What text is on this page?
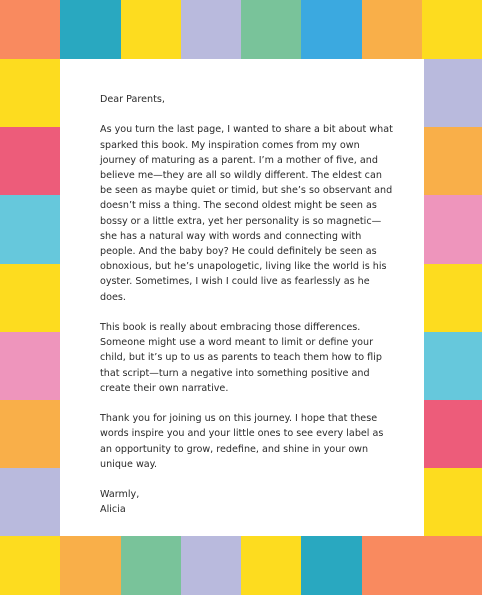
Dear Parents,

As you turn the last page, I wanted to share a bit about what sparked this book. My inspiration comes from my own journey of maturing as a parent. I’m a mother of five, and believe me—they are all so wildly different. The eldest can be seen as maybe quiet or timid, but she’s so observant and doesn’t miss a thing. The second oldest might be seen as bossy or a little extra, yet her personality is so magnetic—she has a natural way with words and connecting with people. And the baby boy? He could definitely be seen as obnoxious, but he’s unapologetic, living like the world is his oyster. Sometimes, I wish I could live as fearlessly as he does.

This book is really about embracing those differences. Someone might use a word meant to limit or define your child, but it’s up to us as parents to teach them how to flip that script—turn a negative into something positive and create their own narrative.

Thank you for joining us on this journey. I hope that these words inspire you and your little ones to see every label as an opportunity to grow, redefine, and shine in your own unique way.

Warmly,

Alicia
